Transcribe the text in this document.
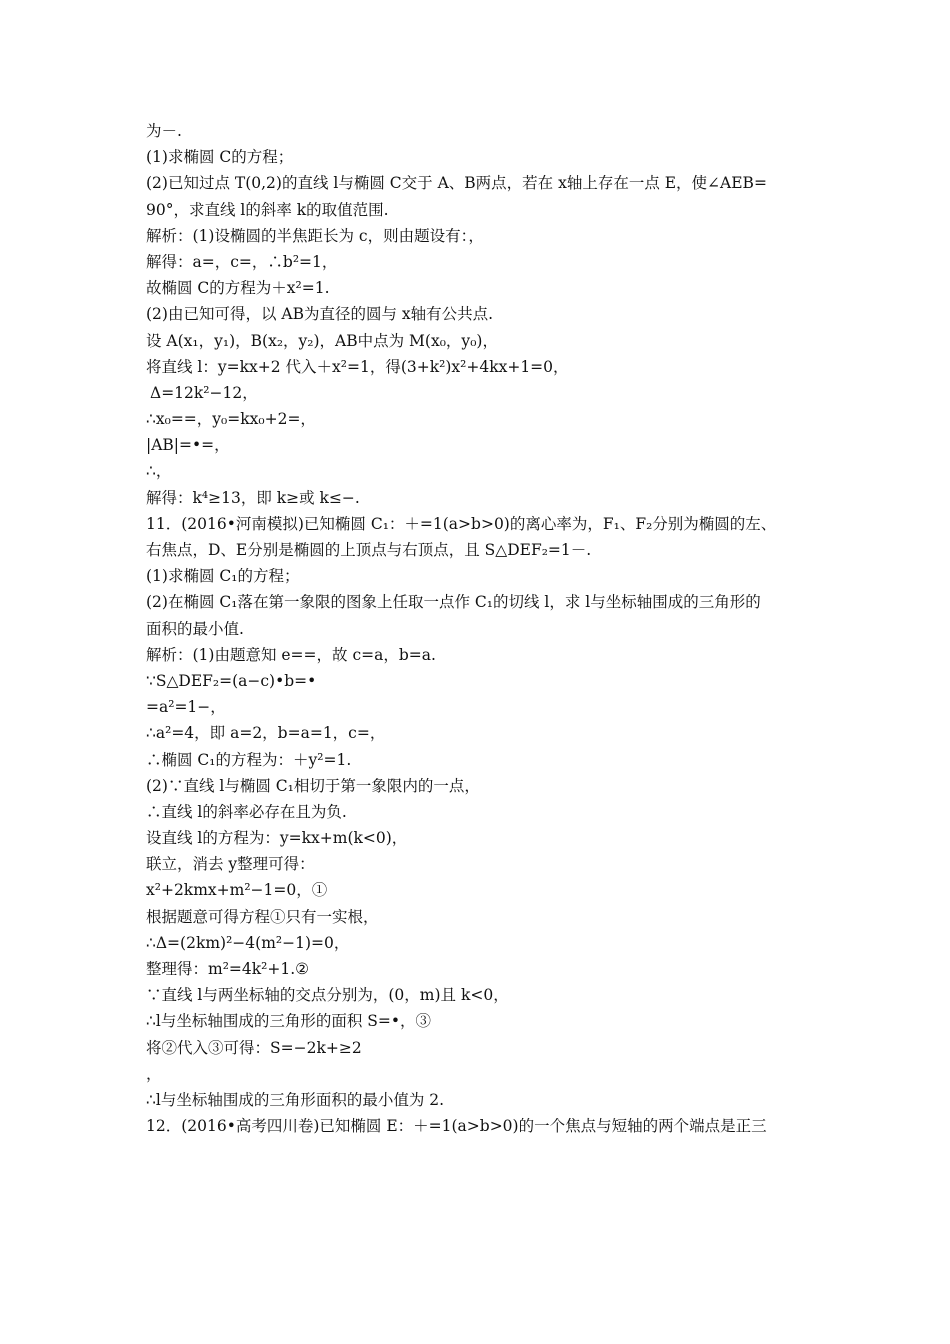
为－.
(1)求椭圆 C的方程；
(2)已知过点 T(0,2)的直线 l与椭圆 C交于 A、B两点，若在 x轴上存在一点 E，使∠AEB=
90°，求直线 l的斜率 k的取值范围.
解析：(1)设椭圆的半焦距长为 c，则由题设有：，
解得：a=，c=，∴b²=1，
故椭圆 C的方程为＋x²=1.
(2)由已知可得，以 AB为直径的圆与 x轴有公共点.
设 A(x₁，y₁)，B(x₂，y₂)，AB中点为 M(x₀，y₀)，
将直线 l：y=kx+2 代入＋x²=1，得(3+k²)x²+4kx+1=0，
Δ=12k²−12，
∴x₀==，y₀=kx₀+2=，
|AB|=•=，
∴，
解得：k⁴≥13，即 k≥或 k≤−.
11．(2016•河南模拟)已知椭圆 C₁：＋=1(a>b>0)的离心率为，F₁、F₂分别为椭圆的左、
右焦点，D、E分别是椭圆的上顶点与右顶点，且 S△DEF₂=1－.
(1)求椭圆 C₁的方程；
(2)在椭圆 C₁落在第一象限的图象上任取一点作 C₁的切线 l，求 l与坐标轴围成的三角形的
面积的最小值.
解析：(1)由题意知 e==，故 c=a，b=a.
∵S△DEF₂=(a−c)•b=•
=a²=1−，
∴a²=4，即 a=2，b=a=1，c=，
∴椭圆 C₁的方程为：＋y²=1.
(2)∵直线 l与椭圆 C₁相切于第一象限内的一点，
∴直线 l的斜率必存在且为负.
设直线 l的方程为：y=kx+m(k<0)，
联立，消去 y整理可得：
x²+2kmx+m²−1=0，①
根据题意可得方程①只有一实根，
∴Δ=(2km)²−4(m²−1)=0，
整理得：m²=4k²+1.②
∵直线 l与两坐标轴的交点分别为，(0，m)且 k<0，
∴l与坐标轴围成的三角形的面积 S=•，③
将②代入③可得：S=−2k+≥2
，
∴l与坐标轴围成的三角形面积的最小值为 2.
12．(2016•高考四川卷)已知椭圆 E：＋=1(a>b>0)的一个焦点与短轴的两个端点是正三
